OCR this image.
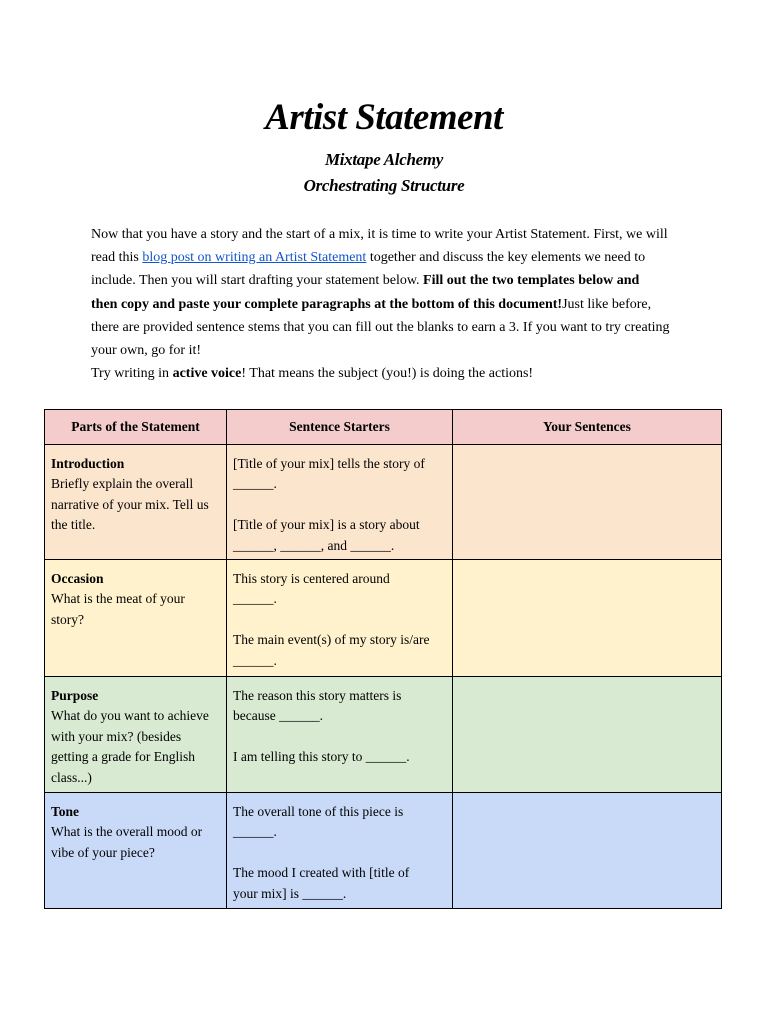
Artist Statement
Mixtape Alchemy
Orchestrating Structure
Now that you have a story and the start of a mix, it is time to write your Artist Statement. First, we will
read this blog post on writing an Artist Statement together and discuss the key elements we need to
include. Then you will start drafting your statement below. Fill out the two templates below and
then copy and paste your complete paragraphs at the bottom of this document!Just like before,
there are provided sentence stems that you can fill out the blanks to earn a 3. If you want to try creating
your own, go for it!
Try writing in active voice! That means the subject (you!) is doing the actions!
Parts of the Statement	Sentence Starters	Your Sentences

Introduction
Briefly explain the overall
narrative of your mix. Tell us
the title.	[Title of your mix] tells the story of
______.
[Title of your mix] is a story about
______, ______, and ______.	

Occasion
What is the meat of your
story?	This story is centered around
______.
The main event(s) of my story is/are
______.	

Purpose
What do you want to achieve
with your mix? (besides
getting a grade for English
class...)	The reason this story matters is
because ______.
I am telling this story to ______.	

Tone
What is the overall mood or
vibe of your piece?	The overall tone of this piece is
______.
The mood I created with [title of
your mix] is ______.	
